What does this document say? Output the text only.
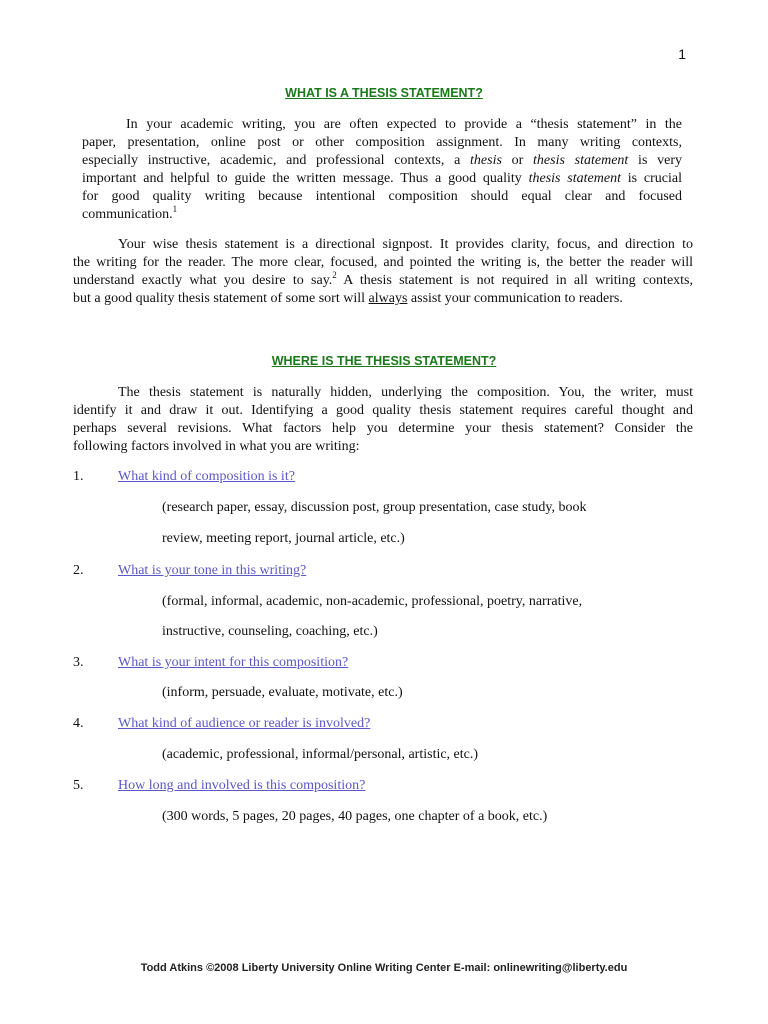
1
WHAT IS A THESIS STATEMENT?
In your academic writing, you are often expected to provide a “thesis statement” in the
paper, presentation, online post or other composition assignment. In many writing contexts,
especially instructive, academic, and professional contexts, a thesis or thesis statement is very
important and helpful to guide the written message. Thus a good quality thesis statement is crucial
for good quality writing because intentional composition should equal clear and focused
communication.$^1$
Your wise thesis statement is a directional signpost. It provides clarity, focus, and direction to
the writing for the reader. The more clear, focused, and pointed the writing is, the better the reader will
understand exactly what you desire to say.$^2$ A thesis statement is not required in all writing contexts,
but a good quality thesis statement of some sort will always assist your communication to readers.
WHERE IS THE THESIS STATEMENT?
The thesis statement is naturally hidden, underlying the composition. You, the writer, must
identify it and draw it out. Identifying a good quality thesis statement requires careful thought and
perhaps several revisions. What factors help you determine your thesis statement? Consider the
following factors involved in what you are writing:
1. What kind of composition is it?
(research paper, essay, discussion post, group presentation, case study, book
review, meeting report, journal article, etc.)
2. What is your tone in this writing?
(formal, informal, academic, non-academic, professional, poetry, narrative,
instructive, counseling, coaching, etc.)
3. What is your intent for this composition?
(inform, persuade, evaluate, motivate, etc.)
4. What kind of audience or reader is involved?
(academic, professional, informal/personal, artistic, etc.)
5. How long and involved is this composition?
(300 words, 5 pages, 20 pages, 40 pages, one chapter of a book, etc.)
Todd Atkins ©2008 Liberty University Online Writing Center E-mail: onlinewriting@liberty.edu
